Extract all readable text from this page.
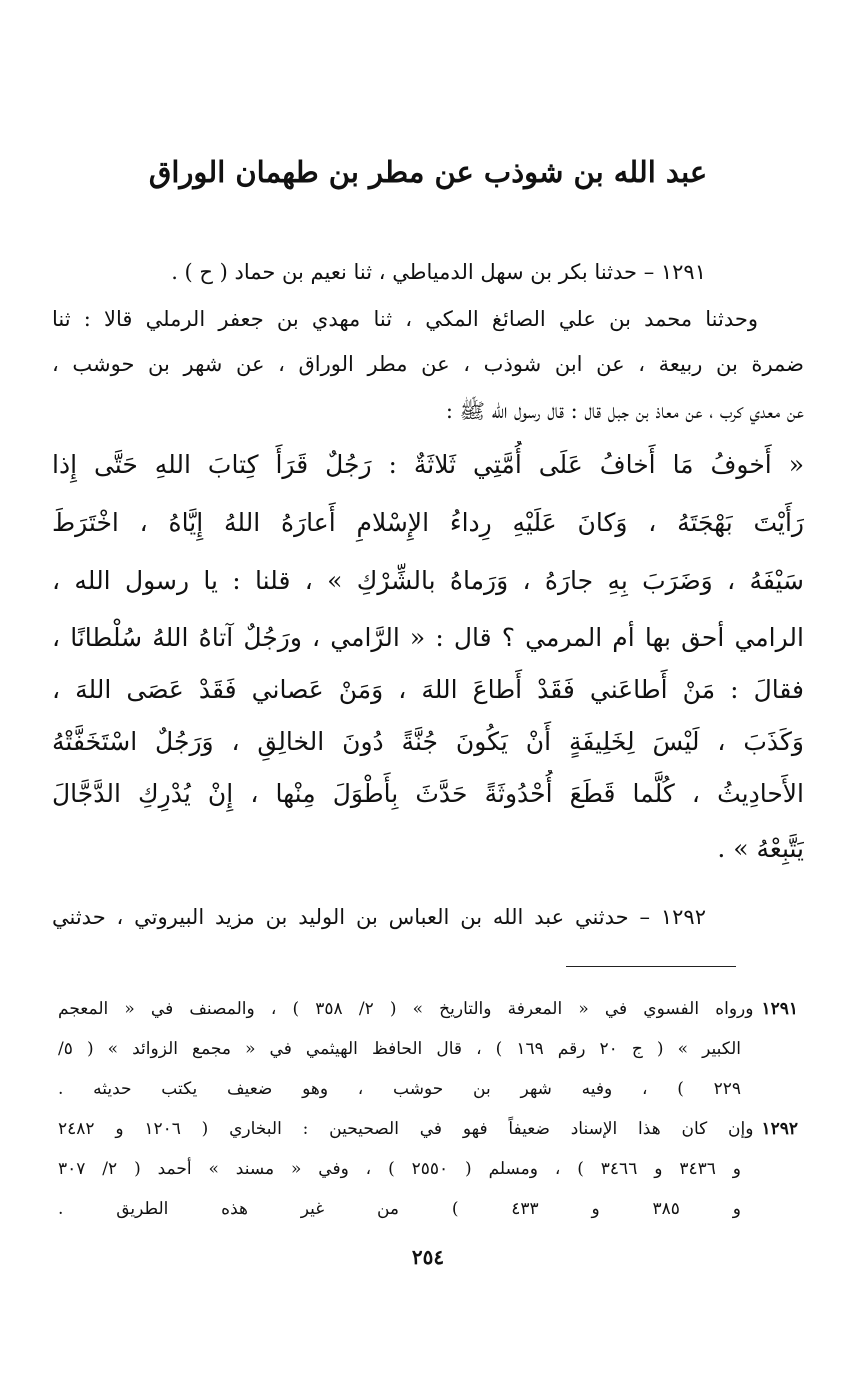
عبد الله بن شوذب عن مطر بن طهمان الوراق
١٢٩١ – حدثنا بكر بن سهل الدمياطي ، ثنا نعيم بن حماد ( ح ) .
وحدثنا محمد بن علي الصائغ المكي ، ثنا مهدي بن جعفر الرملي قالا : ثنا
ضمرة بن ربيعة ، عن ابن شوذب ، عن مطر الوراق ، عن شهر بن حوشب ،
عن معدي كرب ، عن معاذ بن جبل قال : قال رسول الله ﷺ :
« أَخوفُ مَا أَخافُ عَلَى أُمَّتِي ثَلاثَةٌ : رَجُلٌ قَرَأَ كِتابَ اللهِ حَتَّى إِذا
رَأَيْتَ بَهْجَتَهُ ، وَكانَ عَلَيْهِ رِداءُ الإِسْلامِ أَعارَهُ اللهُ إِيَّاهُ ، اخْتَرَطَ
سَيْفَهُ ، وَضَرَبَ بِهِ جارَهُ ، وَرَماهُ بالشِّرْكِ » ، قلنا : يا رسول الله ،
الرامي أحق بها أم المرمي ؟ قال : « الرَّامي ، ورَجُلٌ آتاهُ اللهُ سُلْطانًا ،
فقالَ : مَنْ أَطاعَني فَقَدْ أَطاعَ اللهَ ، وَمَنْ عَصاني فَقَدْ عَصَى اللهَ ،
وَكَذَبَ ، لَيْسَ لِخَلِيفَةٍ أَنْ يَكُونَ جُنَّةً دُونَ الخالِقِ ، وَرَجُلٌ اسْتَخَفَّتْهُ
الأَحادِيثُ ، كُلَّما قَطَعَ أُحْدُوثَةً حَدَّثَ بِأَطْوَلَ مِنْها ، إِنْ يُدْرِكِ الدَّجَّالَ
يَتَّبِعْهُ » .
١٢٩٢ – حدثني عبد الله بن العباس بن الوليد بن مزيد البيروتي ، حدثني
١٢٩١ورواه الفسوي في « المعرفة والتاريخ » ( ٢/ ٣٥٨ ) ، والمصنف في « المعجم
الكبير » ( ج ٢٠ رقم ١٦٩ ) ، قال الحافظ الهيثمي في « مجمع الزوائد » ( ٥/
٢٢٩ ) ، وفيه شهر بن حوشب ، وهو ضعيف يكتب حديثه .
١٢٩٢وإن كان هذا الإسناد ضعيفاً فهو في الصحيحين : البخاري ( ١٢٠٦ و ٢٤٨٢
و ٣٤٣٦ و ٣٤٦٦ ) ، ومسلم ( ٢٥٥٠ ) ، وفي « مسند » أحمد ( ٢/ ٣٠٧
و ٣٨٥ و ٤٣٣ ) من غير هذه الطريق .
٢٥٤
